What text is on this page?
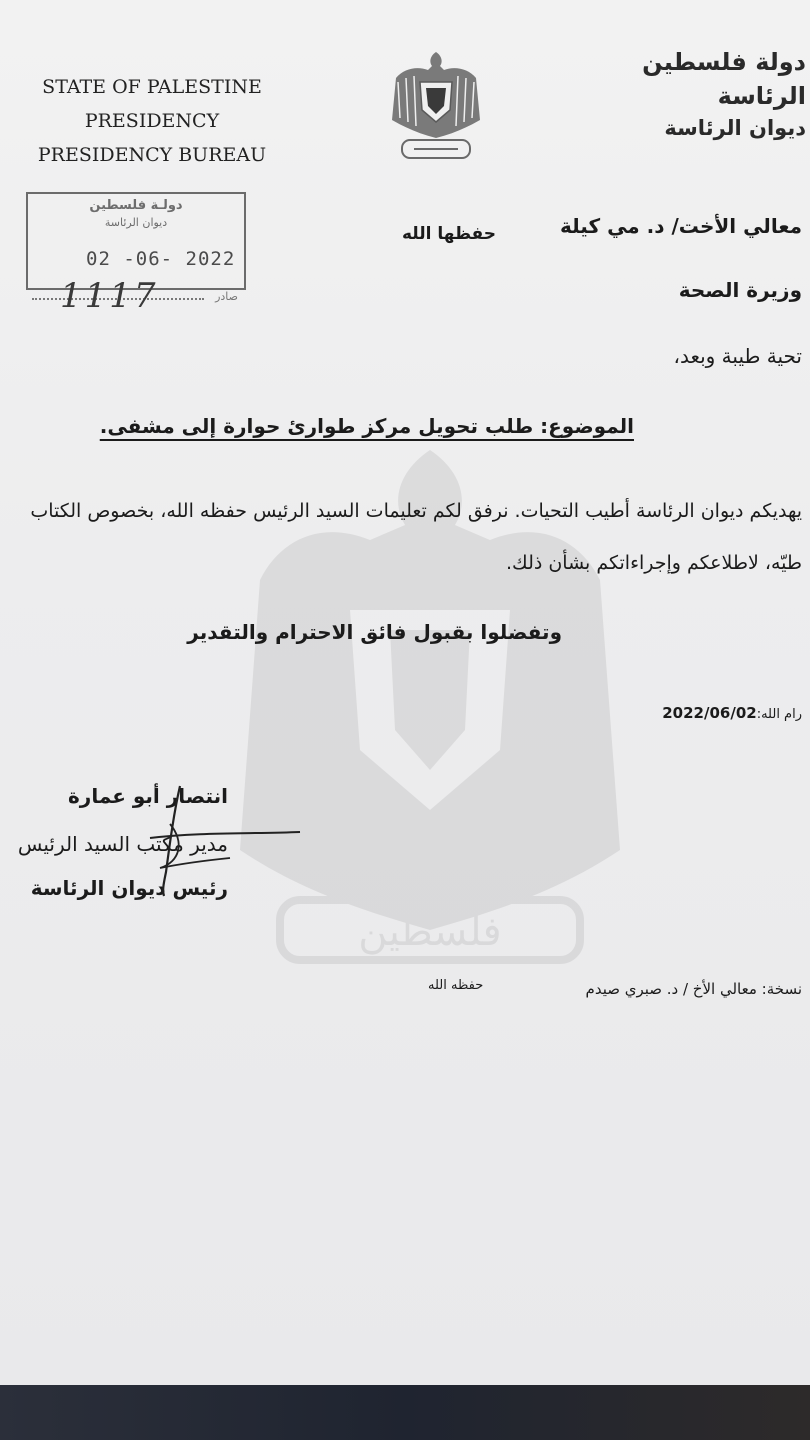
فلسطين
STATE OF PALESTINE
PRESIDENCY
PRESIDENCY BUREAU
دولة فلسطين
الرئاسة
ديوان الرئاسة
دولـة فلسطين
ديوان الرئاسة
02 -06- 2022
1117	صادر
معالي الأخت/ د. مي كيلة
حفظها الله
وزيرة الصحة
تحية طيبة وبعد،
الموضوع: طلب تحويل مركز طوارئ حوارة إلى مشفى.
يهديكم ديوان الرئاسة أطيب التحيات. نرفق لكم تعليمات السيد الرئيس حفظه الله، بخصوص الكتاب طيّه، لاطلاعكم وإجراءاتكم بشأن ذلك.
وتفضلوا بقبول فائق الاحترام والتقدير
رام الله:2022/06/02
انتصار أبو عمارة
مدير مكتب السيد الرئيس
رئيس ديوان الرئاسة
نسخة: معالي الأخ / د. صبري صيدم
حفظه الله
